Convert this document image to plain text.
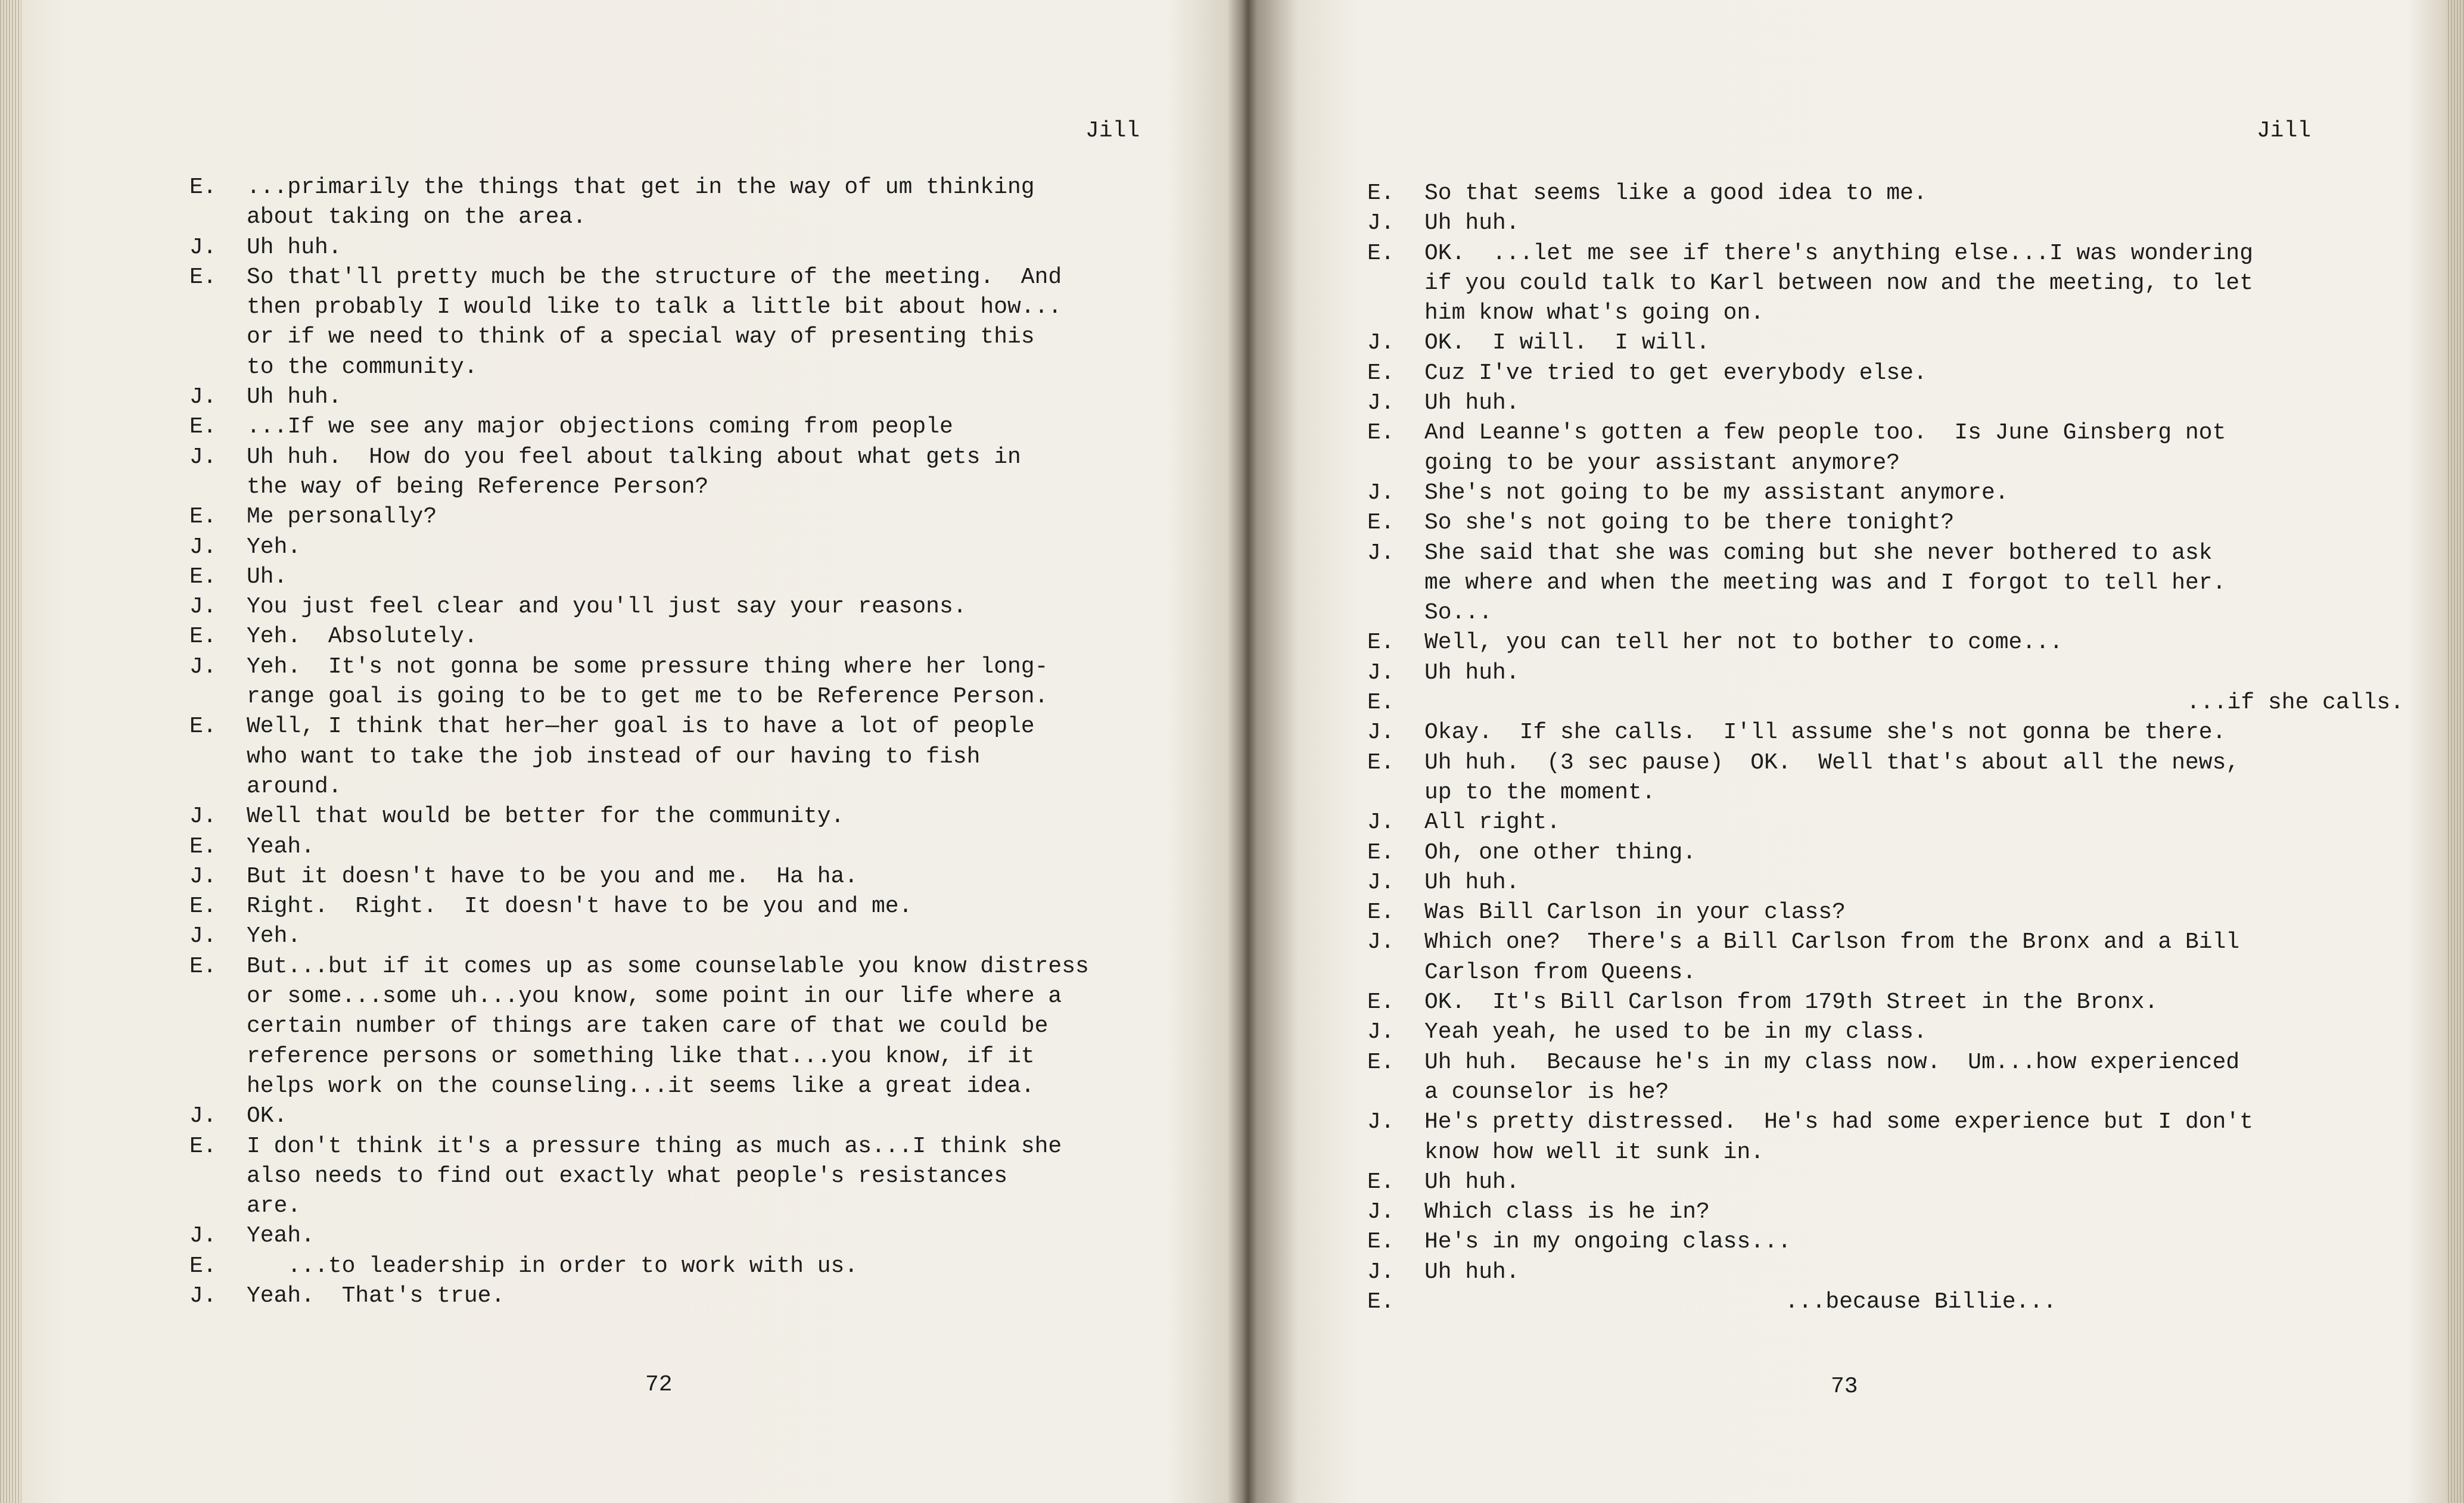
Jill
E.	...primarily the things that get in the way of um thinking
about taking on the area.
J.	Uh huh.
E.	So that'll pretty much be the structure of the meeting.  And
then probably I would like to talk a little bit about how...
or if we need to think of a special way of presenting this
to the community.
J.	Uh huh.
E.	...If we see any major objections coming from people
J.	Uh huh.  How do you feel about talking about what gets in
the way of being Reference Person?
E.	Me personally?
J.	Yeh.
E.	Uh.
J.	You just feel clear and you'll just say your reasons.
E.	Yeh.  Absolutely.
J.	Yeh.  It's not gonna be some pressure thing where her long-
range goal is going to be to get me to be Reference Person.
E.	Well, I think that her—her goal is to have a lot of people
who want to take the job instead of our having to fish
around.
J.	Well that would be better for the community.
E.	Yeah.
J.	But it doesn't have to be you and me.  Ha ha.
E.	Right.  Right.  It doesn't have to be you and me.
J.	Yeh.
E.	But...but if it comes up as some counselable you know distress
or some...some uh...you know, some point in our life where a
certain number of things are taken care of that we could be
reference persons or something like that...you know, if it
helps work on the counseling...it seems like a great idea.
J.	OK.
E.	I don't think it's a pressure thing as much as...I think she
also needs to find out exactly what people's resistances
are.
J.	Yeah.
E.	...to leadership in order to work with us.
J.	Yeah.  That's true.
72
Jill
E.	So that seems like a good idea to me.
J.	Uh huh.
E.	OK.  ...let me see if there's anything else...I was wondering
if you could talk to Karl between now and the meeting, to let
him know what's going on.
J.	OK.  I will.  I will.
E.	Cuz I've tried to get everybody else.
J.	Uh huh.
E.	And Leanne's gotten a few people too.  Is June Ginsberg not
going to be your assistant anymore?
J.	She's not going to be my assistant anymore.
E.	So she's not going to be there tonight?
J.	She said that she was coming but she never bothered to ask
me where and when the meeting was and I forgot to tell her.
So...
E.	Well, you can tell her not to bother to come...
J.	Uh huh.
E.	...if she calls.
J.	Okay.  If she calls.  I'll assume she's not gonna be there.
E.	Uh huh.  (3 sec pause)  OK.  Well that's about all the news,
up to the moment.
J.	All right.
E.	Oh, one other thing.
J.	Uh huh.
E.	Was Bill Carlson in your class?
J.	Which one?  There's a Bill Carlson from the Bronx and a Bill
Carlson from Queens.
E.	OK.  It's Bill Carlson from 179th Street in the Bronx.
J.	Yeah yeah, he used to be in my class.
E.	Uh huh.  Because he's in my class now.  Um...how experienced
a counselor is he?
J.	He's pretty distressed.  He's had some experience but I don't
know how well it sunk in.
E.	Uh huh.
J.	Which class is he in?
E.	He's in my ongoing class...
J.	Uh huh.
E.	...because Billie...
73
